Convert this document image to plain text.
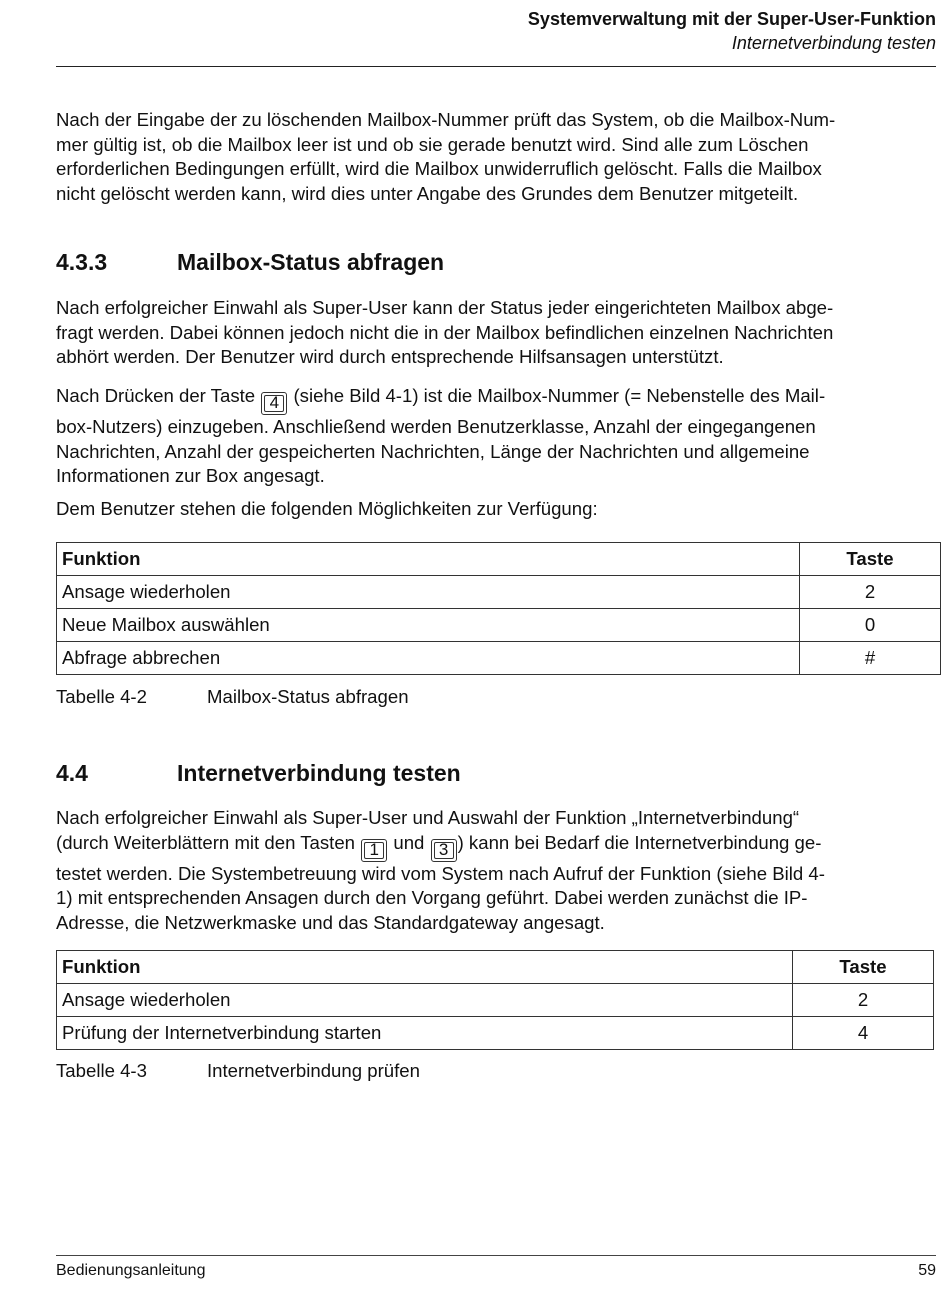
Systemverwaltung mit der Super-User-Funktion
Internetverbindung testen
Nach der Eingabe der zu löschenden Mailbox-Nummer prüft das System, ob die Mailbox-Num-
mer gültig ist, ob die Mailbox leer ist und ob sie gerade benutzt wird. Sind alle zum Löschen
erforderlichen Bedingungen erfüllt, wird die Mailbox unwiderruflich gelöscht. Falls die Mailbox
nicht gelöscht werden kann, wird dies unter Angabe des Grundes dem Benutzer mitgeteilt.
4.3.3	Mailbox-Status abfragen
Nach erfolgreicher Einwahl als Super-User kann der Status jeder eingerichteten Mailbox abge-
fragt werden. Dabei können jedoch nicht die in der Mailbox befindlichen einzelnen Nachrichten
abhört werden. Der Benutzer wird durch entsprechende Hilfsansagen unterstützt.
Nach Drücken der Taste 4 (siehe Bild 4-1) ist die Mailbox-Nummer (= Nebenstelle des Mail-
box-Nutzers) einzugeben. Anschließend werden Benutzerklasse, Anzahl der eingegangenen
Nachrichten, Anzahl der gespeicherten Nachrichten, Länge der Nachrichten und allgemeine
Informationen zur Box angesagt.
Dem Benutzer stehen die folgenden Möglichkeiten zur Verfügung:
Funktion	Taste
Ansage wiederholen	2
Neue Mailbox auswählen	0
Abfrage abbrechen	#
Tabelle 4-2	Mailbox-Status abfragen
4.4	Internetverbindung testen
Nach erfolgreicher Einwahl als Super-User und Auswahl der Funktion „Internetverbindung“
(durch Weiterblättern mit den Tasten 1 und 3 ) kann bei Bedarf die Internetverbindung ge-
testet werden. Die Systembetreuung wird vom System nach Aufruf der Funktion (siehe Bild 4-
1) mit entsprechenden Ansagen durch den Vorgang geführt. Dabei werden zunächst die IP-
Adresse, die Netzwerkmaske und das Standardgateway angesagt.
Funktion	Taste
Ansage wiederholen	2
Prüfung der Internetverbindung starten	4
Tabelle 4-3	Internetverbindung prüfen
Bedienungsanleitung	59
